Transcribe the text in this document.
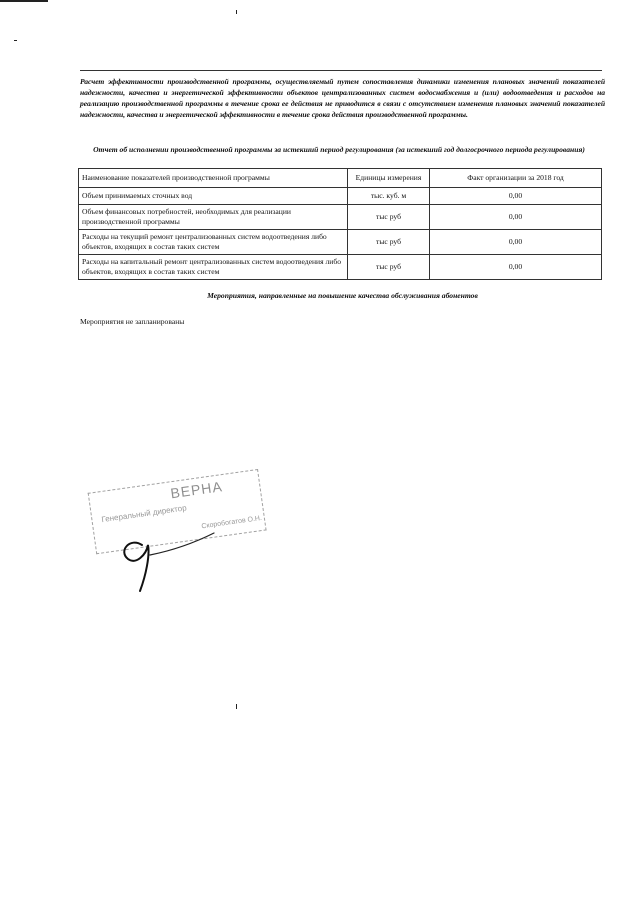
Расчет эффективности производственной программы, осуществляемый путем сопоставления динамики изменения плановых значений показателей надежности, качества и энергетической эффективности объектов централизованных систем водоснабжения и (или) водоотведения и расходов на реализацию производственной программы в течение срока ее действия не приводится в связи с отсутствием изменения плановых значений показателей надежности, качества и энергетической эффективности в течение срока действия производственной программы.
Отчет об исполнении производственной программы за истекший период регулирования (за истекший год долгосрочного периода регулирования)
Наименование показателей производственной программы	Единицы измерения	Факт организации за 2018 год
Объем принимаемых сточных вод	тыс. куб. м	0,00
Объем финансовых потребностей, необходимых для реализации производственной программы	тыс руб	0,00
Расходы на текущий ремонт централизованных систем водоотведения либо объектов, входящих в состав таких систем	тыс руб	0,00
Расходы на капитальный ремонт централизованных систем водоотведения либо объектов, входящих в состав таких систем	тыс руб	0,00
Мероприятия, направленные на повышение качества обслуживания абонентов
Мероприятия не запланированы
ВЕРНА
Генеральный директор Скоробогатов О.Н.
